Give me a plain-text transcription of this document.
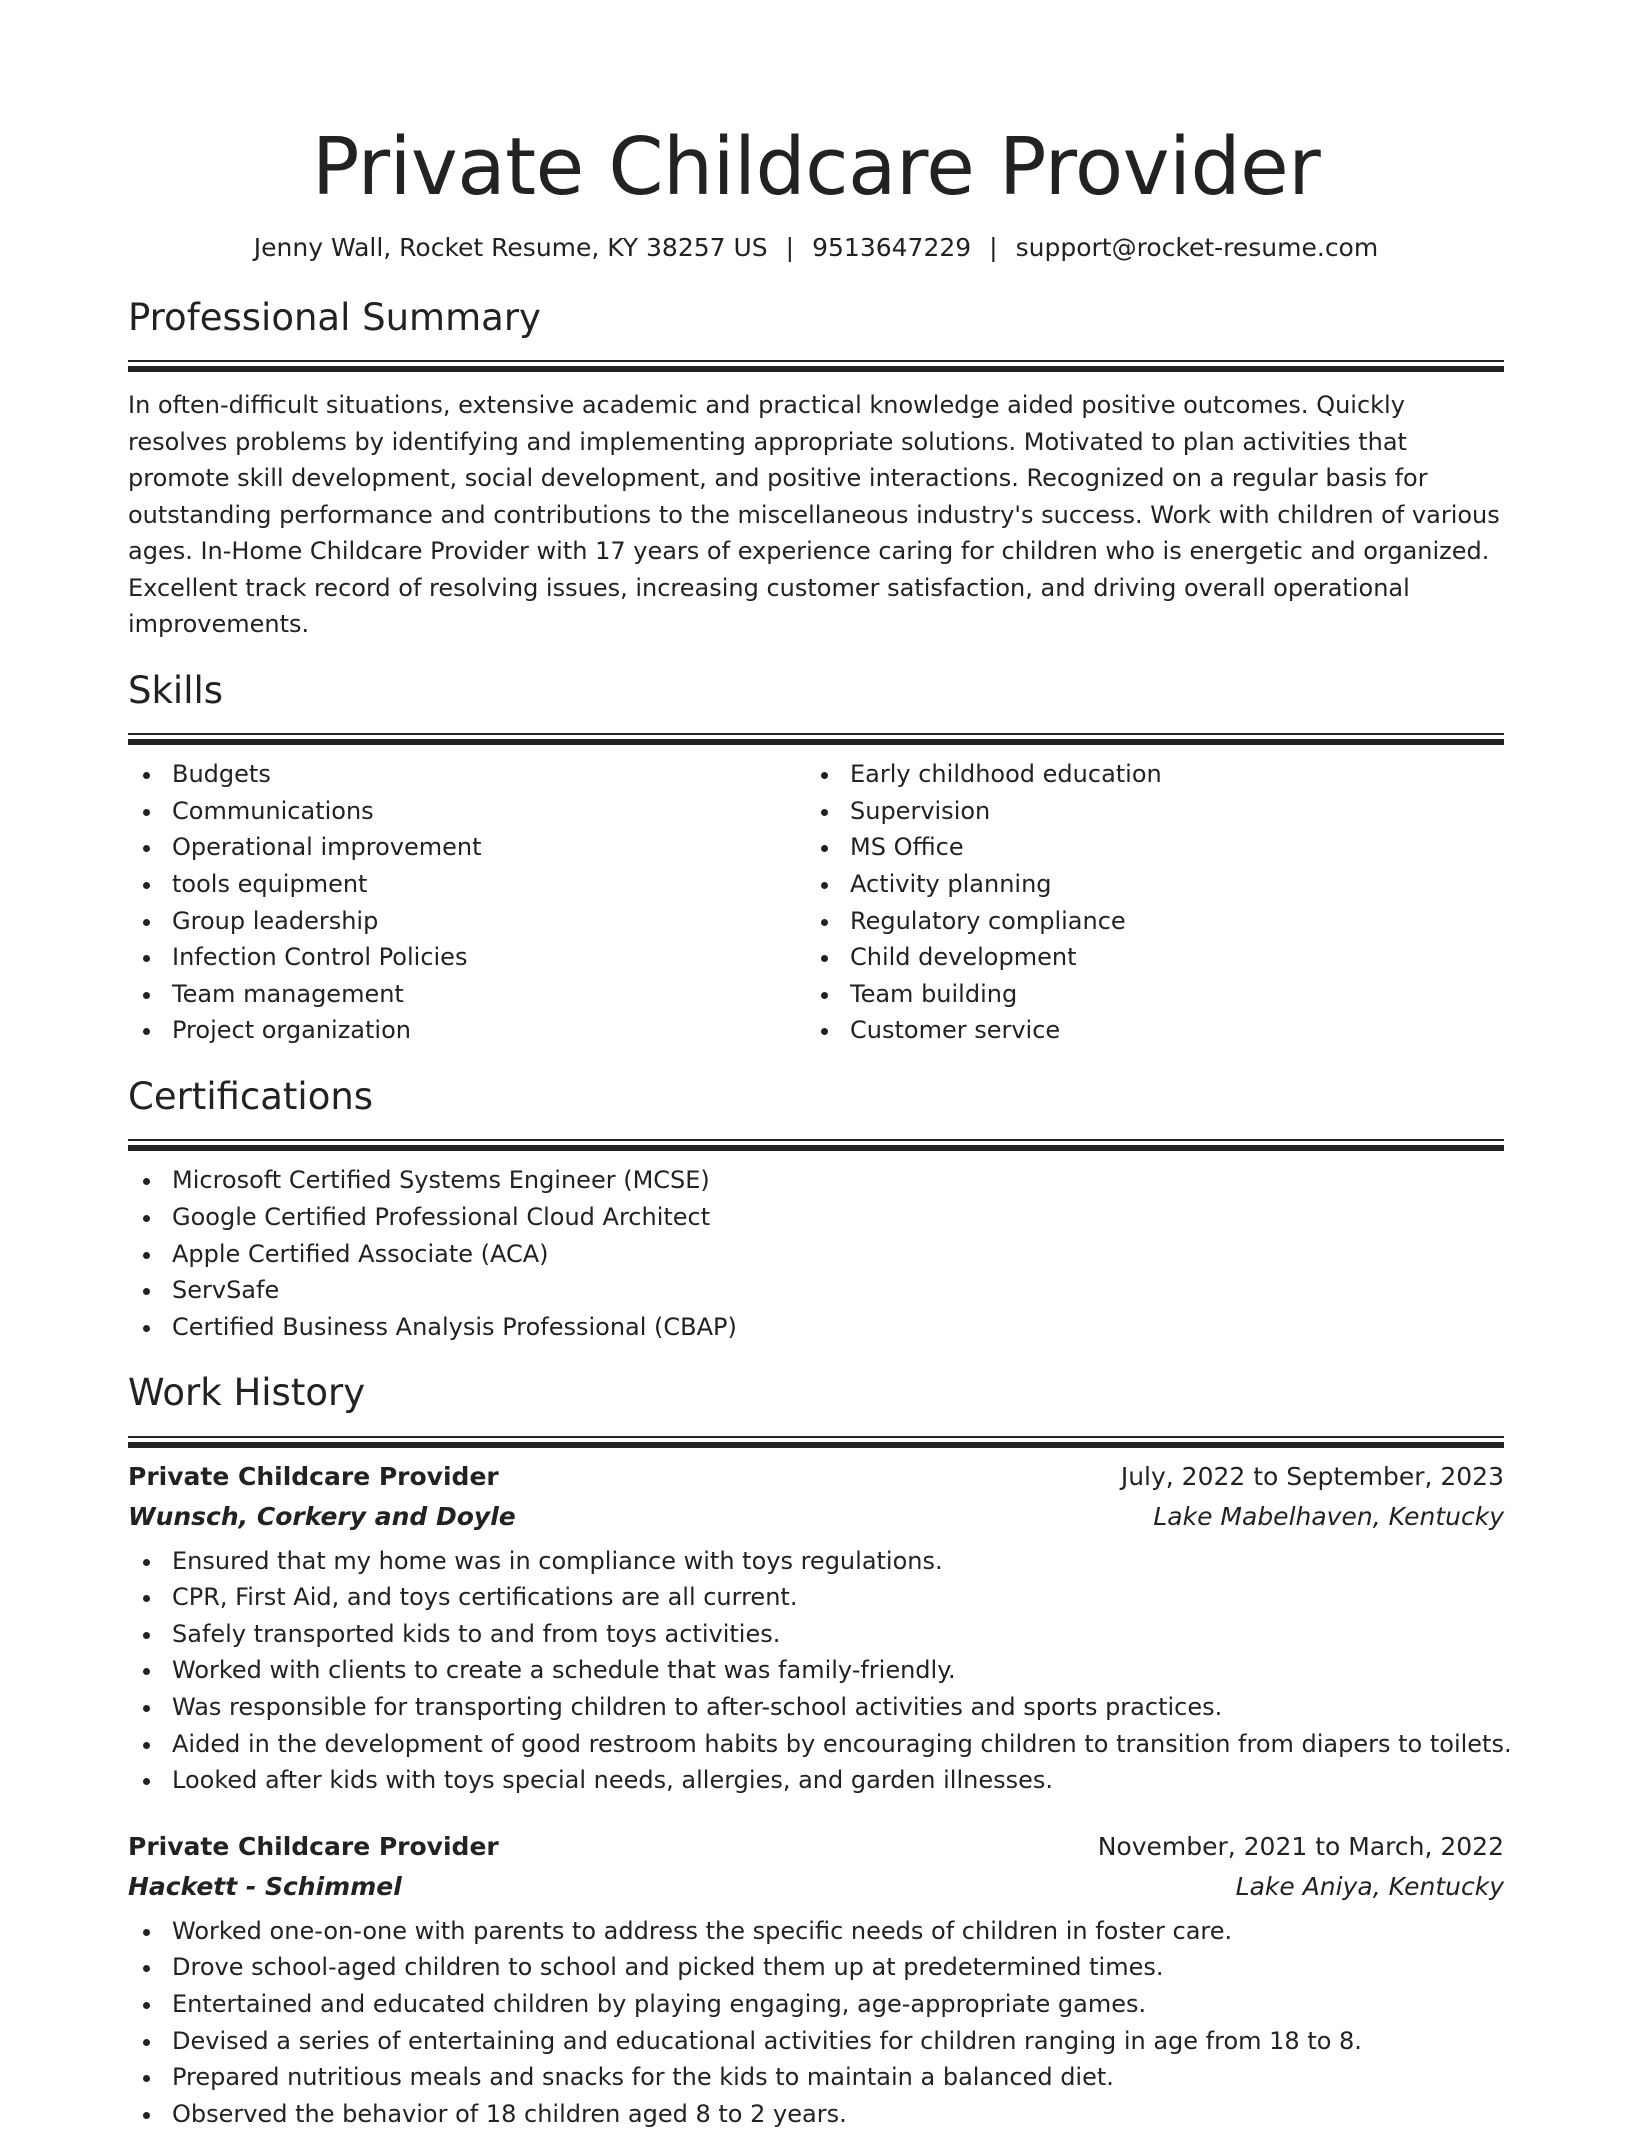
Private Childcare Provider
Jenny Wall, Rocket Resume, KY 38257 US | 9513647229 | support@rocket-resume.com
Professional Summary

In often-difficult situations, extensive academic and practical knowledge aided positive outcomes. Quickly resolves problems by identifying and implementing appropriate solutions. Motivated to plan activities that promote skill development, social development, and positive interactions. Recognized on a regular basis for outstanding performance and contributions to the miscellaneous industry's success. Work with children of various ages. In-Home Childcare Provider with 17 years of experience caring for children who is energetic and organized. Excellent track record of resolving issues, increasing customer satisfaction, and driving overall operational improvements.

Skills
Budgets
Communications
Operational improvement
tools equipment
Group leadership
Infection Control Policies
Team management
Project organization
Early childhood education
Supervision
MS Office
Activity planning
Regulatory compliance
Child development
Team building
Customer service
Certifications
Microsoft Certified Systems Engineer (MCSE)
Google Certified Professional Cloud Architect
Apple Certified Associate (ACA)
ServSafe
Certified Business Analysis Professional (CBAP)
Work History
Private Childcare Provider	July, 2022 to September, 2023
Wunsch, Corkery and Doyle	Lake Mabelhaven, Kentucky
Ensured that my home was in compliance with toys regulations.
CPR, First Aid, and toys certifications are all current.
Safely transported kids to and from toys activities.
Worked with clients to create a schedule that was family-friendly.
Was responsible for transporting children to after-school activities and sports practices.
Aided in the development of good restroom habits by encouraging children to transition from diapers to toilets.
Looked after kids with toys special needs, allergies, and garden illnesses.
Private Childcare Provider	November, 2021 to March, 2022
Hackett - Schimmel	Lake Aniya, Kentucky
Worked one-on-one with parents to address the specific needs of children in foster care.
Drove school-aged children to school and picked them up at predetermined times.
Entertained and educated children by playing engaging, age-appropriate games.
Devised a series of entertaining and educational activities for children ranging in age from 18 to 8.
Prepared nutritious meals and snacks for the kids to maintain a balanced diet.
Observed the behavior of 18 children aged 8 to 2 years.
